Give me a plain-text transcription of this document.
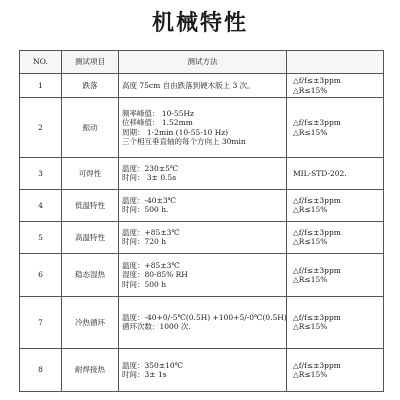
机械特性
NO.	测试项目	测试方法	
1	跌落	高度 75cm 自由跌落到硬木版上 3 次。	△f/f≤±3ppm
△R≤15%

2	振动	频率峰值： 10-55Hz
位移峰值： 1.52mm
周期： 1-2min (10-55-10 Hz)
三个相互垂直轴的每个方向上 30min	△f/f≤±3ppm
△R≤15%

3	可焊性	温度：230±5℃
时间： 3± 0.5s	MIL-STD-202.

4	低温特性	温度：-40±3℃
时间：500 h.	△f/f≤±3ppm
△R≤15%

5	高温特性	温度：+85±3℃
时间：720 h	△f/f≤±3ppm
△R≤15%

6	稳态湿热	温度：+85±3℃
湿度：80-85% RH
时间：500 h	△f/f≤±3ppm
△R≤15%

7	冷热循环	温度：-40+0/-5℃(0.5H) +100+5/-0℃(0.5H)
循环次数：1000 次.	△f/f≤±3ppm
△R≤15%

8	耐焊接热	温度：350±10℃
时间：3± 1s	△f/f≤±3ppm
△R≤15%
